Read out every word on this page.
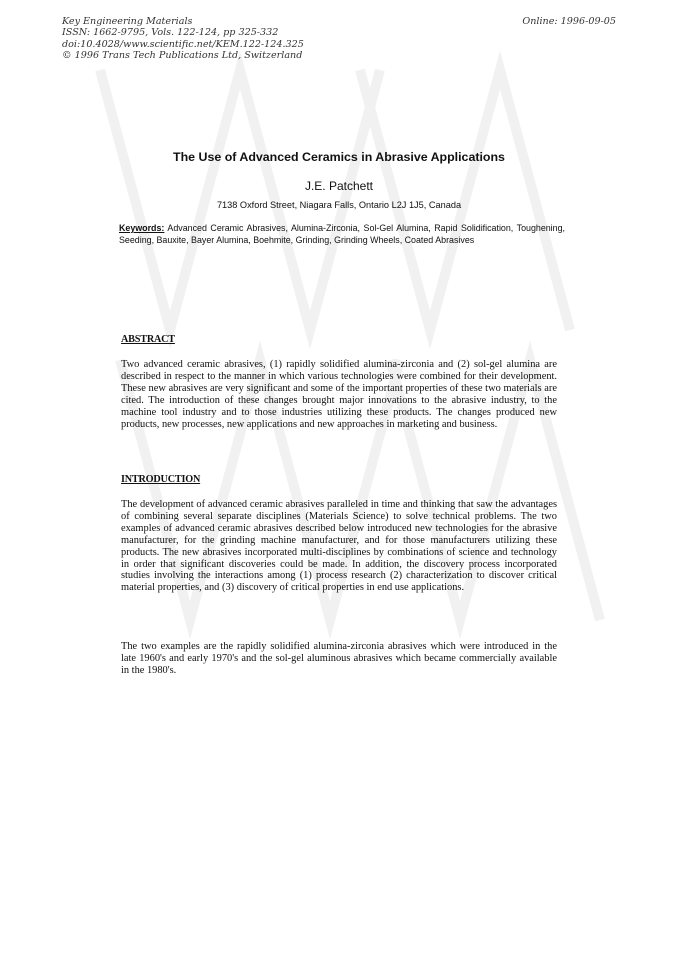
Key Engineering Materials
ISSN: 1662-9795, Vols. 122-124, pp 325-332
doi:10.4028/www.scientific.net/KEM.122-124.325
© 1996 Trans Tech Publications Ltd, Switzerland
Online: 1996-09-05
The Use of Advanced Ceramics in Abrasive Applications
J.E. Patchett
7138 Oxford Street, Niagara Falls, Ontario L2J 1J5, Canada
Keywords: Advanced Ceramic Abrasives, Alumina-Zirconia, Sol-Gel Alumina, Rapid Solidification, Toughening, Seeding, Bauxite, Bayer Alumina, Boehmite, Grinding, Grinding Wheels, Coated Abrasives
ABSTRACT

Two advanced ceramic abrasives, (1) rapidly solidified alumina-zirconia and (2) sol-gel alumina are described in respect to the manner in which various technologies were combined for their development. These new abrasives are very significant and some of the important properties of these two materials are cited. The introduction of these changes brought major innovations to the abrasive industry, to the machine tool industry and to those industries utilizing these products. The changes produced new products, new processes, new applications and new approaches in marketing and business.

INTRODUCTION

The development of advanced ceramic abrasives paralleled in time and thinking that saw the advantages of combining several separate disciplines (Materials Science) to solve technical problems. The two examples of advanced ceramic abrasives described below introduced new technologies for the abrasive manufacturer, for the grinding machine manufacturer, and for those manufacturers utilizing these products. The new abrasives incorporated multi-disciplines by combinations of science and technology in order that significant discoveries could be made. In addition, the discovery process incorporated studies involving the interactions among (1) process research (2) characterization to discover critical material properties, and (3) discovery of critical properties in end use applications.

The two examples are the rapidly solidified alumina-zirconia abrasives which were introduced in the late 1960's and early 1970's and the sol-gel aluminous abrasives which became commercially available in the 1980's.
